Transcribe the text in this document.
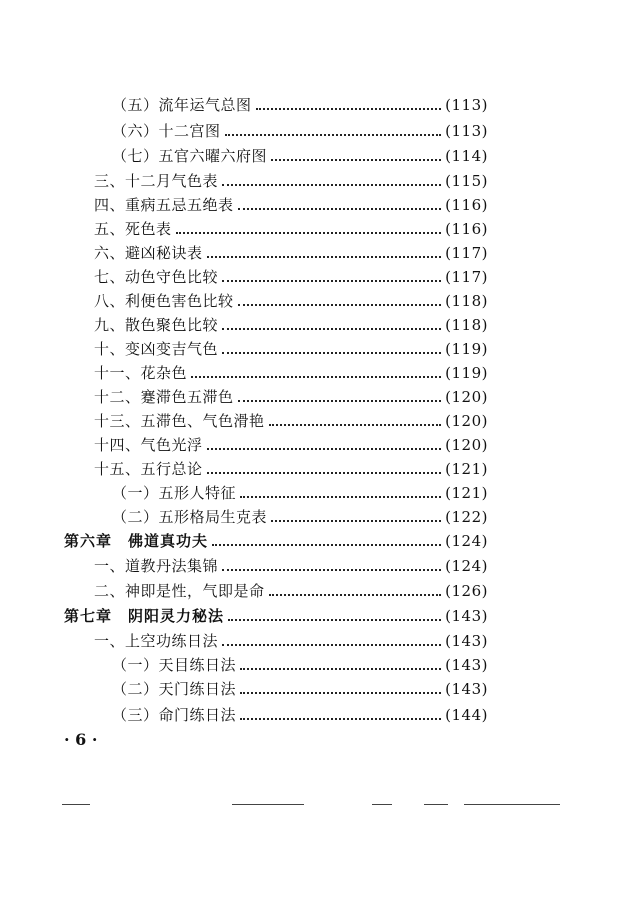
（五）流年运气总图	(113)
（六）十二宫图	(113)
（七）五官六曜六府图	(114)
三、十二月气色表	(115)
四、重病五忌五绝表	(116)
五、死色表	(116)
六、避凶秘诀表	(117)
七、动色守色比较	(117)
八、利便色害色比较	(118)
九、散色聚色比较	(118)
十、变凶变吉气色	(119)
十一、花杂色	(119)
十二、蹇滞色五滞色	(120)
十三、五滞色、气色滑艳	(120)
十四、气色光浮	(120)
十五、五行总论	(121)
（一）五形人特征	(121)
（二）五形格局生克表	(122)
第六章　佛道真功夫	(124)
一、道教丹法集锦	(124)
二、神即是性，气即是命	(126)
第七章　阴阳灵力秘法	(143)
一、上空功练日法	(143)
（一）天目练日法	(143)
（二）天门练日法	(143)
（三）命门练日法	(144)
· 6 ·
